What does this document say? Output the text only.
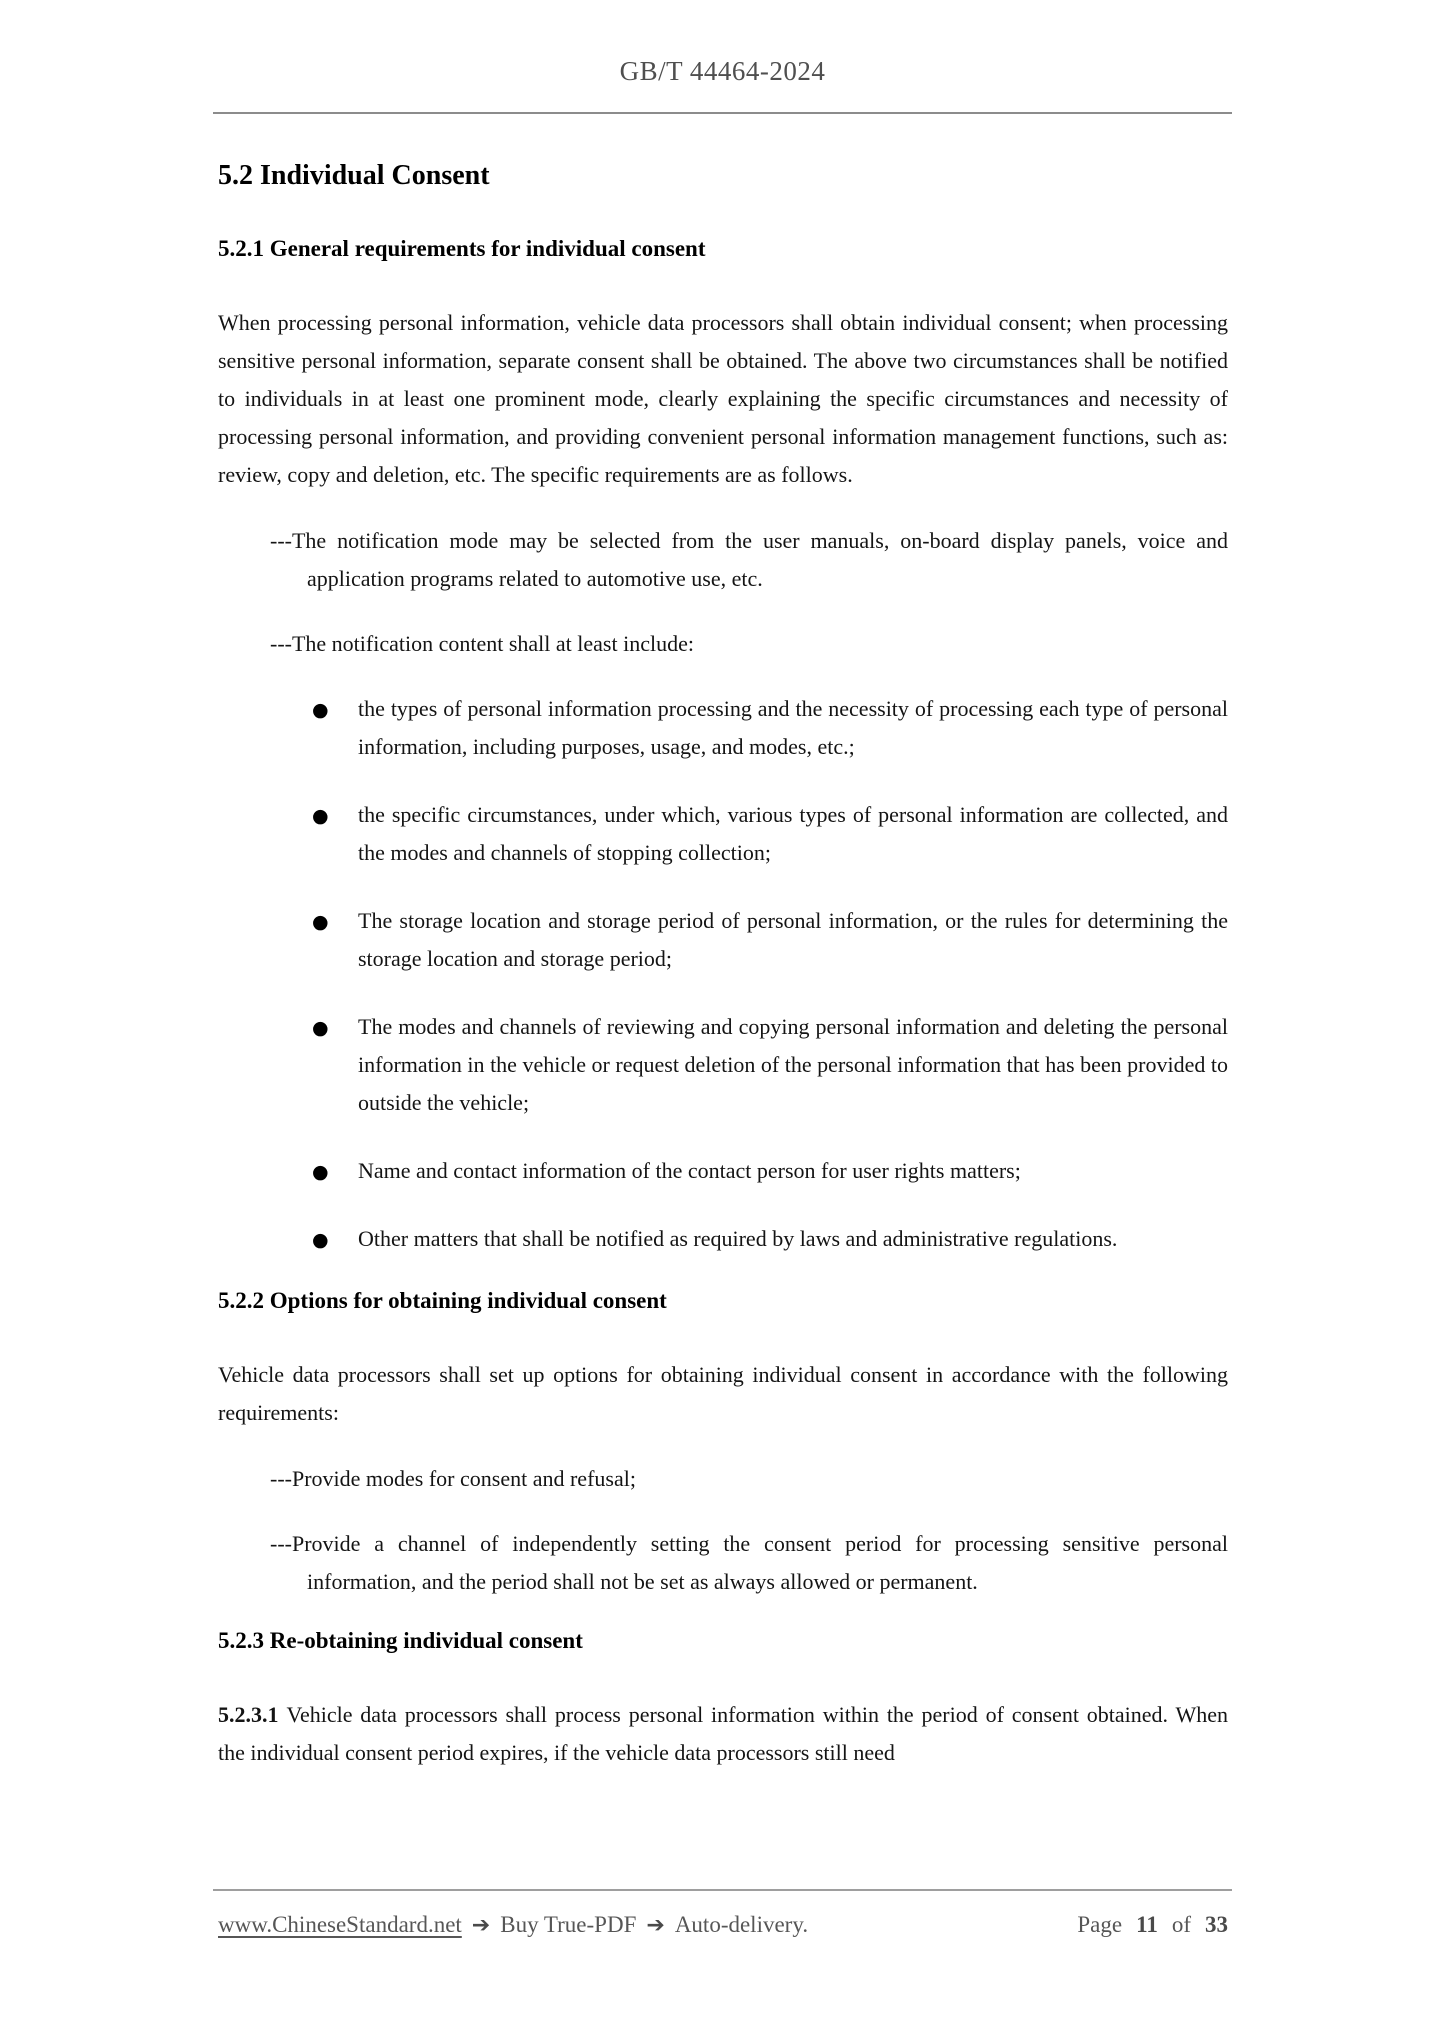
GB/T 44464-2024
5.2 Individual Consent
5.2.1 General requirements for individual consent

When processing personal information, vehicle data processors shall obtain individual consent; when processing sensitive personal information, separate consent shall be obtained. The above two circumstances shall be notified to individuals in at least one prominent mode, clearly explaining the specific circumstances and necessity of processing personal information, and providing convenient personal information management functions, such as: review, copy and deletion, etc. The specific requirements are as follows.

---The notification mode may be selected from the user manuals, on-board display panels, voice and application programs related to automotive use, etc.
---The notification content shall at least include:
● the types of personal information processing and the necessity of processing each type of personal information, including purposes, usage, and modes, etc.;
● the specific circumstances, under which, various types of personal information are collected, and the modes and channels of stopping collection;
● The storage location and storage period of personal information, or the rules for determining the storage location and storage period;
● The modes and channels of reviewing and copying personal information and deleting the personal information in the vehicle or request deletion of the personal information that has been provided to outside the vehicle;
● Name and contact information of the contact person for user rights matters;
● Other matters that shall be notified as required by laws and administrative regulations.
5.2.2 Options for obtaining individual consent

Vehicle data processors shall set up options for obtaining individual consent in accordance with the following requirements:

---Provide modes for consent and refusal;
---Provide a channel of independently setting the consent period for processing sensitive personal information, and the period shall not be set as always allowed or permanent.
5.2.3 Re-obtaining individual consent

5.2.3.1 Vehicle data processors shall process personal information within the period of consent obtained. When the individual consent period expires, if the vehicle data processors still need

www.ChineseStandard.net ➔ Buy True-PDF ➔ Auto-delivery.	Page 11 of 33
